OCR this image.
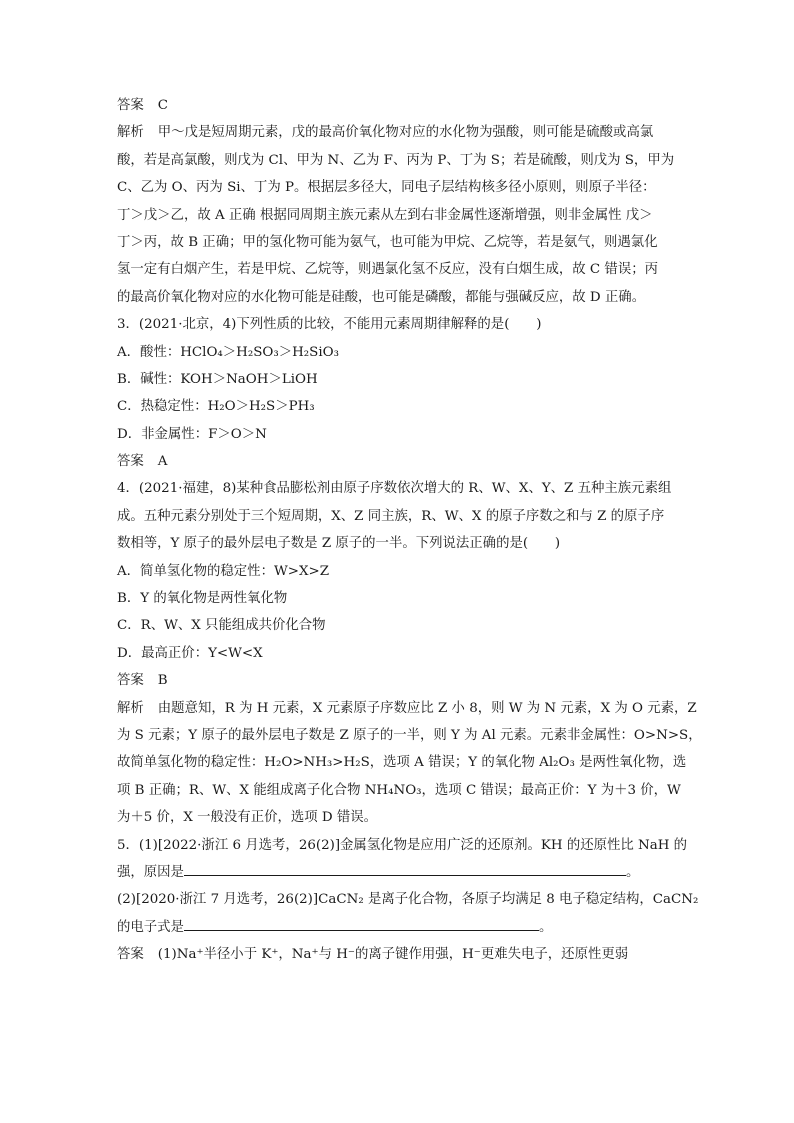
答案 C
解析 甲～戊是短周期元素，戊的最高价氧化物对应的水化物为强酸，则可能是硫酸或高氯
酸，若是高氯酸，则戊为 Cl、甲为 N、乙为 F、丙为 P、丁为 S；若是硫酸，则戊为 S，甲为
C、乙为 O、丙为 Si、丁为 P。根据层多径大，同电子层结构核多径小原则，则原子半径：
丁＞戊＞乙，故 A 正确 根据同周期主族元素从左到右非金属性逐渐增强，则非金属性 戊＞
丁＞丙，故 B 正确；甲的氢化物可能为氨气，也可能为甲烷、乙烷等，若是氨气，则遇氯化
氢一定有白烟产生，若是甲烷、乙烷等，则遇氯化氢不反应，没有白烟生成，故 C 错误；丙
的最高价氧化物对应的水化物可能是硅酸，也可能是磷酸，都能与强碱反应，故 D 正确。
3．(2021·北京，4)下列性质的比较，不能用元素周期律解释的是(　　)
A．酸性：HClO₄＞H₂SO₃＞H₂SiO₃
B．碱性：KOH＞NaOH＞LiOH
C．热稳定性：H₂O＞H₂S＞PH₃
D．非金属性：F＞O＞N
答案 A
4．(2021·福建，8)某种食品膨松剂由原子序数依次增大的 R、W、X、Y、Z 五种主族元素组
成。五种元素分别处于三个短周期，X、Z 同主族，R、W、X 的原子序数之和与 Z 的原子序
数相等，Y 原子的最外层电子数是 Z 原子的一半。下列说法正确的是(　　)
A．简单氢化物的稳定性：W>X>Z
B．Y 的氧化物是两性氧化物
C．R、W、X 只能组成共价化合物
D．最高正价：Y<W<X
答案 B
解析 由题意知，R 为 H 元素，X 元素原子序数应比 Z 小 8，则 W 为 N 元素，X 为 O 元素，Z
为 S 元素；Y 原子的最外层电子数是 Z 原子的一半，则 Y 为 Al 元素。元素非金属性：O>N>S，
故简单氢化物的稳定性：H₂O>NH₃>H₂S，选项 A 错误；Y 的氧化物 Al₂O₃ 是两性氧化物，选
项 B 正确；R、W、X 能组成离子化合物 NH₄NO₃，选项 C 错误；最高正价：Y 为＋3 价，W
为＋5 价，X 一般没有正价，选项 D 错误。
5．(1)[2022·浙江 6 月选考，26(2)]金属氢化物是应用广泛的还原剂。KH 的还原性比 NaH 的
强，原因是	。
(2)[2020·浙江 7 月选考，26(2)]CaCN₂ 是离子化合物，各原子均满足 8 电子稳定结构，CaCN₂
的电子式是	。
答案 (1)Na⁺半径小于 K⁺，Na⁺与 H⁻的离子键作用强，H⁻更难失电子，还原性更弱
